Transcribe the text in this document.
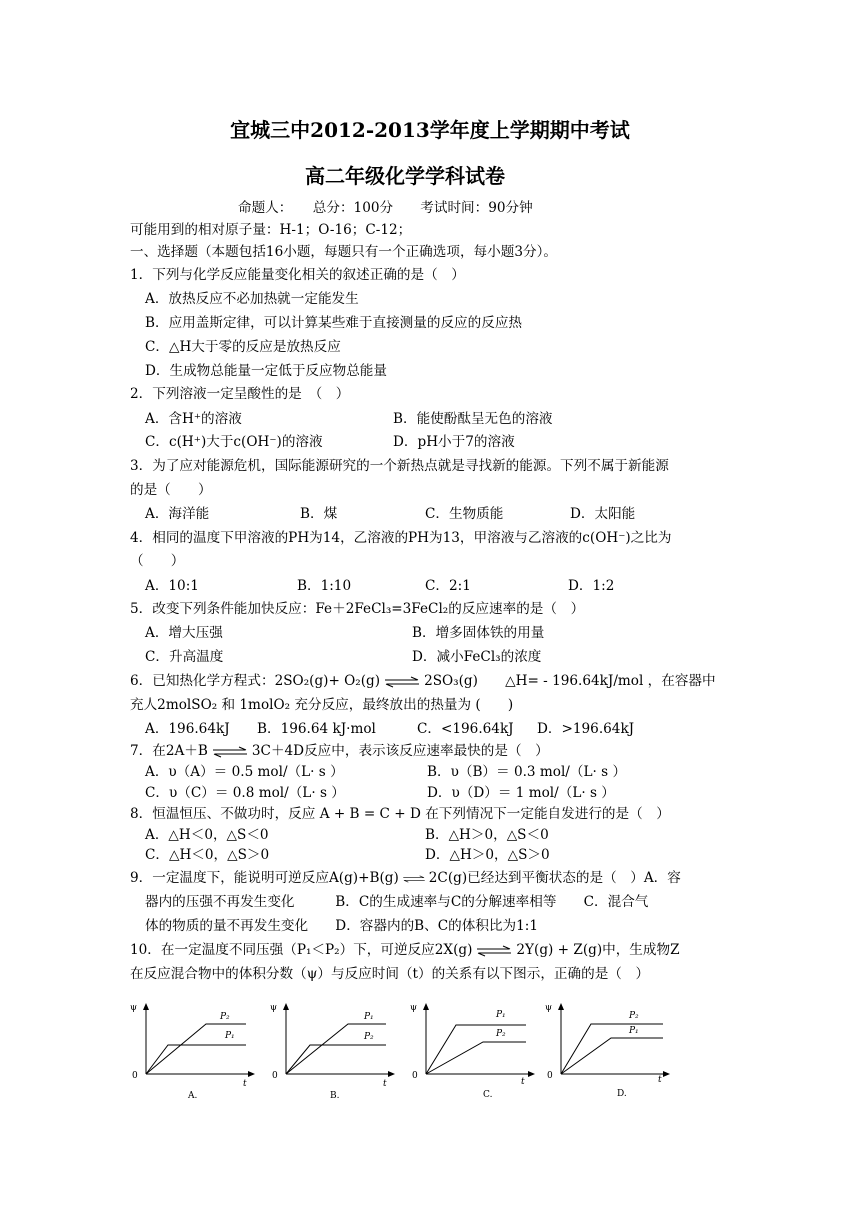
宜城三中2012-2013学年度上学期期中考试
高二年级化学学科试卷
命题人：　　总分：100分　　考试时间：90分钟
可能用到的相对原子量：H-1；O-16；C-12；
一、选择题（本题包括16小题，每题只有一个正确选项，每小题3分）。
1．下列与化学反应能量变化相关的叙述正确的是（　）
A．放热反应不必加热就一定能发生
B．应用盖斯定律，可以计算某些难于直接测量的反应的反应热
C．△H大于零的反应是放热反应
D．生成物总能量一定低于反应物总能量
2．下列溶液一定呈酸性的是　（　）
A．含H⁺的溶液	B．能使酚酞呈无色的溶液
C．c(H⁺)大于c(OH⁻)的溶液	D．pH小于7的溶液
3．为了应对能源危机，国际能源研究的一个新热点就是寻找新的能源。下列不属于新能源
的是（　　）
A．海洋能	B．煤	C．生物质能	D．太阳能
4．相同的温度下甲溶液的PH为14，乙溶液的PH为13，甲溶液与乙溶液的c(OH⁻)之比为
（　　）
A．10:1	B．1:10	C．2:1	D．1:2
5．改变下列条件能加快反应：Fe＋2FeCl₃=3FeCl₂的反应速率的是（　）
A．增大压强	B．增多固体铁的用量
C．升高温度	D．减小FeCl₃的浓度
6．已知热化学方程式：2SO₂(g)+ O₂(g) ⇌ 2SO₃(g)　　△H= - 196.64kJ/mol ，在容器中
充人2molSO₂ 和 1molO₂ 充分反应，最终放出的热量为 (　　)
A．196.64kJ B．196.64 kJ·mol	C．<196.64kJ D．>196.64kJ
7．在2A＋B ⇌ 3C＋4D反应中，表示该反应速率最快的是（　）
A．υ（A）＝ 0.5 mol/（L· s ）	B．υ（B）＝ 0.3 mol/（L· s ）
C．υ（C）＝ 0.8 mol/（L· s ）	D．υ（D）＝ 1 mol/（L· s ）
8．恒温恒压、不做功时，反应 A + B = C + D 在下列情况下一定能自发进行的是（　）
A．△H＜0，△S＜0	B．△H＞0，△S＜0
C．△H＜0，△S＞0	D．△H＞0，△S＞0
9．一定温度下，能说明可逆反应A(g)+B(g) ⇌ 2C(g)已经达到平衡状态的是（　）A．容
器内的压强不再发生变化　　　B．C的生成速率与C的分解速率相等　　C．混合气
体的物质的量不再发生变化　　D．容器内的B、C的体积比为1:1
10．在一定温度不同压强（P₁＜P₂）下，可逆反应2X(g) ⇌ 2Y(g) + Z(g)中，生成物Z
在反应混合物中的体积分数（ψ）与反应时间（t）的关系有以下图示，正确的是（　）
ψ
0
t
P₂
P₁
A.
ψ
0
t
P₁
P₂
B.
ψ
0
t
P₁
P₂
C.
ψ
0	t
P₂
P₁
D.
